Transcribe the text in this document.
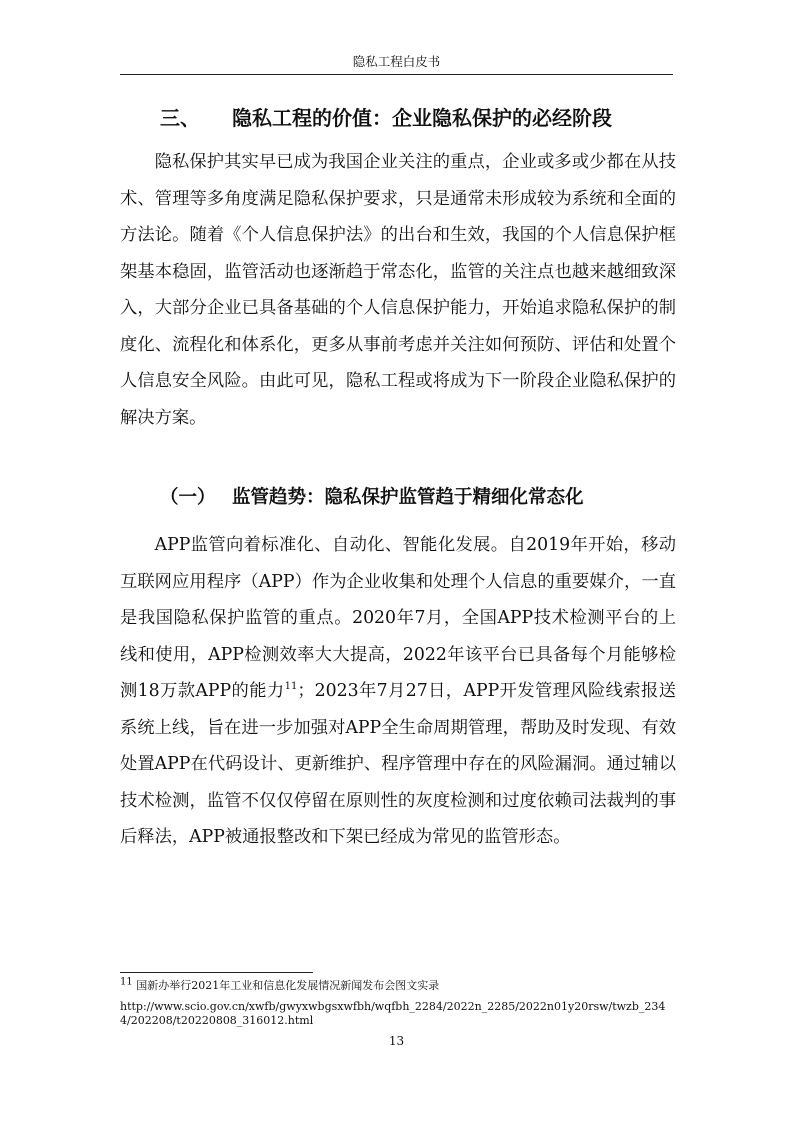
隐私工程白皮书
三、 隐私工程的价值：企业隐私保护的必经阶段

隐私保护其实早已成为我国企业关注的重点，企业或多或少都在从技术、管理等多角度满足隐私保护要求，只是通常未形成较为系统和全面的方法论。随着《个人信息保护法》的出台和生效，我国的个人信息保护框架基本稳固，监管活动也逐渐趋于常态化，监管的关注点也越来越细致深入，大部分企业已具备基础的个人信息保护能力，开始追求隐私保护的制度化、流程化和体系化，更多从事前考虑并关注如何预防、评估和处置个人信息安全风险。由此可见，隐私工程或将成为下一阶段企业隐私保护的解决方案。

（一） 监管趋势：隐私保护监管趋于精细化常态化

APP监管向着标准化、自动化、智能化发展。自2019年开始，移动互联网应用程序（APP）作为企业收集和处理个人信息的重要媒介，一直是我国隐私保护监管的重点。2020年7月，全国APP技术检测平台的上线和使用，APP检测效率大大提高，2022年该平台已具备每个月能够检测18万款APP的能力$^{11}$；2023年7月27日，APP开发管理风险线索报送系统上线，旨在进一步加强对APP全生命周期管理，帮助及时发现、有效处置APP在代码设计、更新维护、程序管理中存在的风险漏洞。通过辅以技术检测，监管不仅仅停留在原则性的灰度检测和过度依赖司法裁判的事后释法，APP被通报整改和下架已经成为常见的监管形态。

$^{11}$ 国新办举行2021年工业和信息化发展情况新闻发布会图文实录

http://www.scio.gov.cn/xwfb/gwyxwbgsxwfbh/wqfbh_2284/2022n_2285/2022n01y20rsw/twzb_2344/202208/t20220808_316012.html

13
